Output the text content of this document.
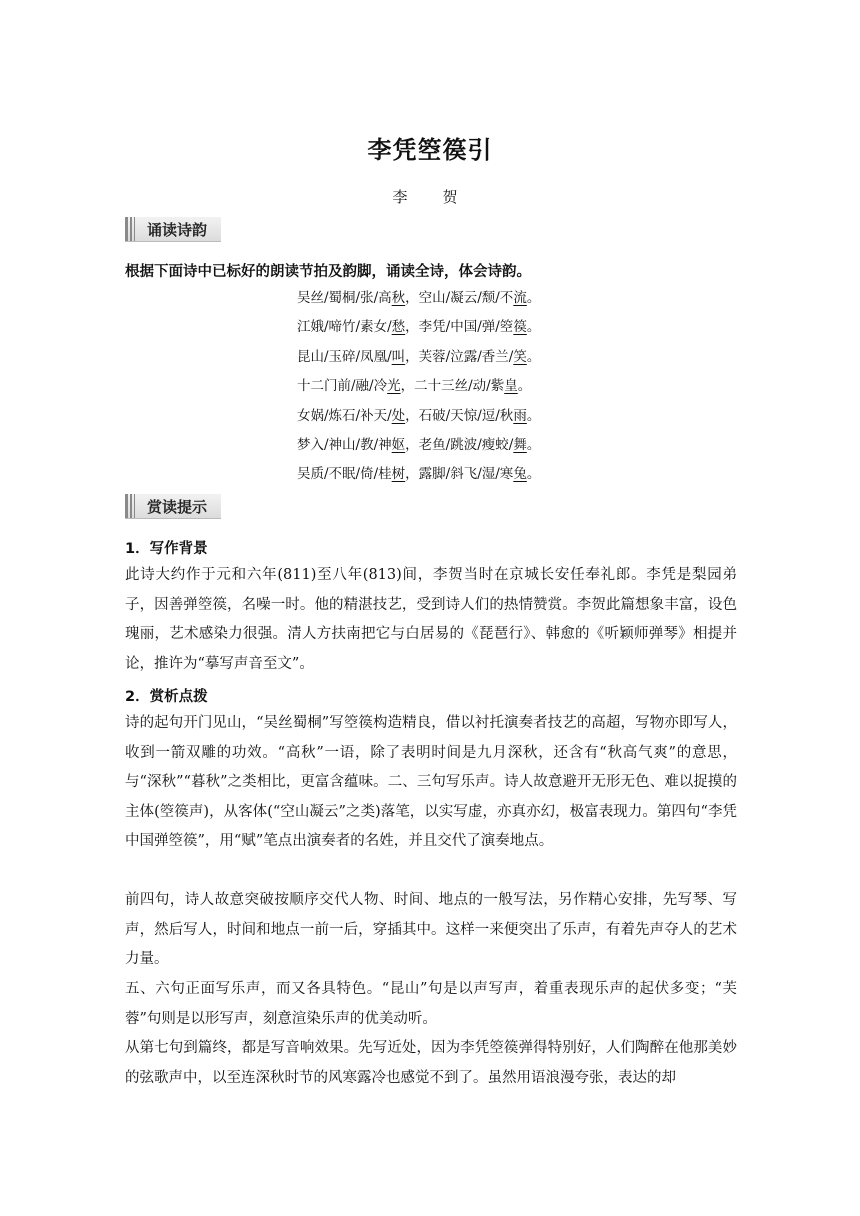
李凭箜篌引
李　贺
诵读诗韵
根据下面诗中已标好的朗读节拍及韵脚，诵读全诗，体会诗韵。
吴丝/蜀桐/张/高秋，空山/凝云/颓/不流。
江娥/啼竹/素女/愁，李凭/中国/弹/箜篌。
昆山/玉碎/凤凰/叫，芙蓉/泣露/香兰/笑。
十二门前/融/冷光，二十三丝/动/紫皇。
女娲/炼石/补天/处，石破/天惊/逗/秋雨。
梦入/神山/教/神妪，老鱼/跳波/瘦蛟/舞。
吴质/不眠/倚/桂树，露脚/斜飞/湿/寒兔。
赏读提示
1．写作背景
此诗大约作于元和六年(811)至八年(813)间，李贺当时在京城长安任奉礼郎。李凭是梨园弟子，因善弹箜篌，名噪一时。他的精湛技艺，受到诗人们的热情赞赏。李贺此篇想象丰富，设色瑰丽，艺术感染力很强。清人方扶南把它与白居易的《琵琶行》、韩愈的《听颖师弹琴》相提并论，推许为“摹写声音至文”。
2．赏析点拨
诗的起句开门见山，“吴丝蜀桐”写箜篌构造精良，借以衬托演奏者技艺的高超，写物亦即写人，收到一箭双雕的功效。“高秋”一语，除了表明时间是九月深秋，还含有“秋高气爽”的意思，与“深秋”“暮秋”之类相比，更富含蕴味。二、三句写乐声。诗人故意避开无形无色、难以捉摸的主体(箜篌声)，从客体(“空山凝云”之类)落笔，以实写虚，亦真亦幻，极富表现力。第四句“李凭中国弹箜篌”，用“赋”笔点出演奏者的名姓，并且交代了演奏地点。
前四句，诗人故意突破按顺序交代人物、时间、地点的一般写法，另作精心安排，先写琴、写声，然后写人，时间和地点一前一后，穿插其中。这样一来便突出了乐声，有着先声夺人的艺术力量。
五、六句正面写乐声，而又各具特色。“昆山”句是以声写声，着重表现乐声的起伏多变；“芙蓉”句则是以形写声，刻意渲染乐声的优美动听。
从第七句到篇终，都是写音响效果。先写近处，因为李凭箜篌弹得特别好，人们陶醉在他那美妙的弦歌声中，以至连深秋时节的风寒露冷也感觉不到了。虽然用语浪漫夸张，表达的却
